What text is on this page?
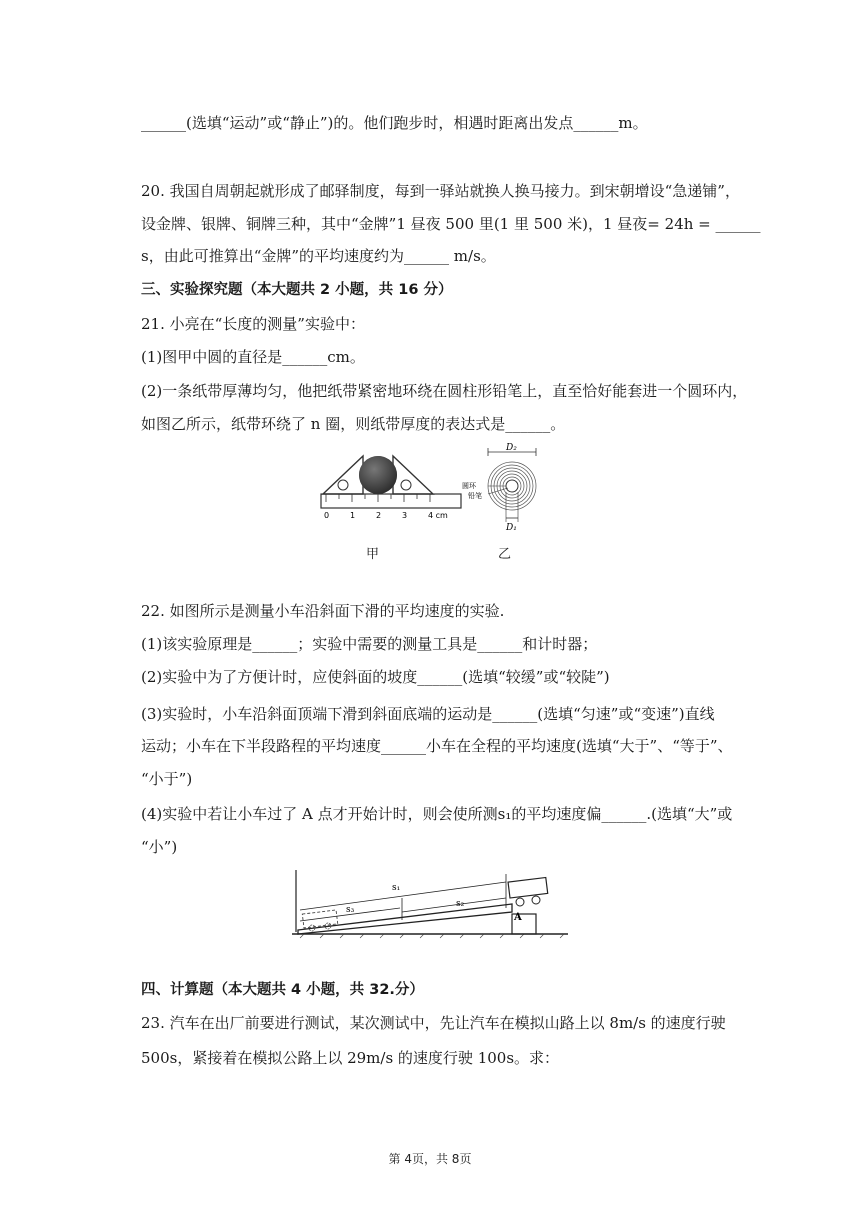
______(选填“运动”或“静止”)的。他们跑步时，相遇时距离出发点______m。
20. 我国自周朝起就形成了邮驿制度，每到一驿站就换人换马接力。到宋朝增设“急递铺”，
设金牌、银牌、铜牌三种，其中“金牌”1 昼夜 500 里(1 里 500 米)，1 昼夜= 24h = ______
s，由此可推算出“金牌”的平均速度约为______ m/s。
三、实验探究题（本大题共 2 小题，共 16 分）
21. 小亮在“长度的测量”实验中：
(1)图甲中圆的直径是______cm。
(2)一条纸带厚薄均匀，他把纸带紧密地环绕在圆柱形铅笔上，直至恰好能套进一个圆环内，
如图乙所示，纸带环绕了 n 圈，则纸带厚度的表达式是______。
0	1	2	3	4 cm
D₂
圆环
铅笔
D₁
甲	乙
22. 如图所示是测量小车沿斜面下滑的平均速度的实验.
(1)该实验原理是______；实验中需要的测量工具是______和计时器；
(2)实验中为了方便计时，应使斜面的坡度______(选填“较缓”或“较陡”)
(3)实验时，小车沿斜面顶端下滑到斜面底端的运动是______(选填“匀速”或“变速”)直线
运动；小车在下半段路程的平均速度______小车在全程的平均速度(选填“大于”、“等于”、
“小于”)
(4)实验中若让小车过了 A 点才开始计时，则会使所测s₁的平均速度偏______.(选填“大”或
“小”)
s₁
s₂
s₃
A
四、计算题（本大题共 4 小题，共 32.分）
23. 汽车在出厂前要进行测试，某次测试中，先让汽车在模拟山路上以 8m/s 的速度行驶
500s，紧接着在模拟公路上以 29m/s 的速度行驶 100s。求：
第 4页，共 8页
